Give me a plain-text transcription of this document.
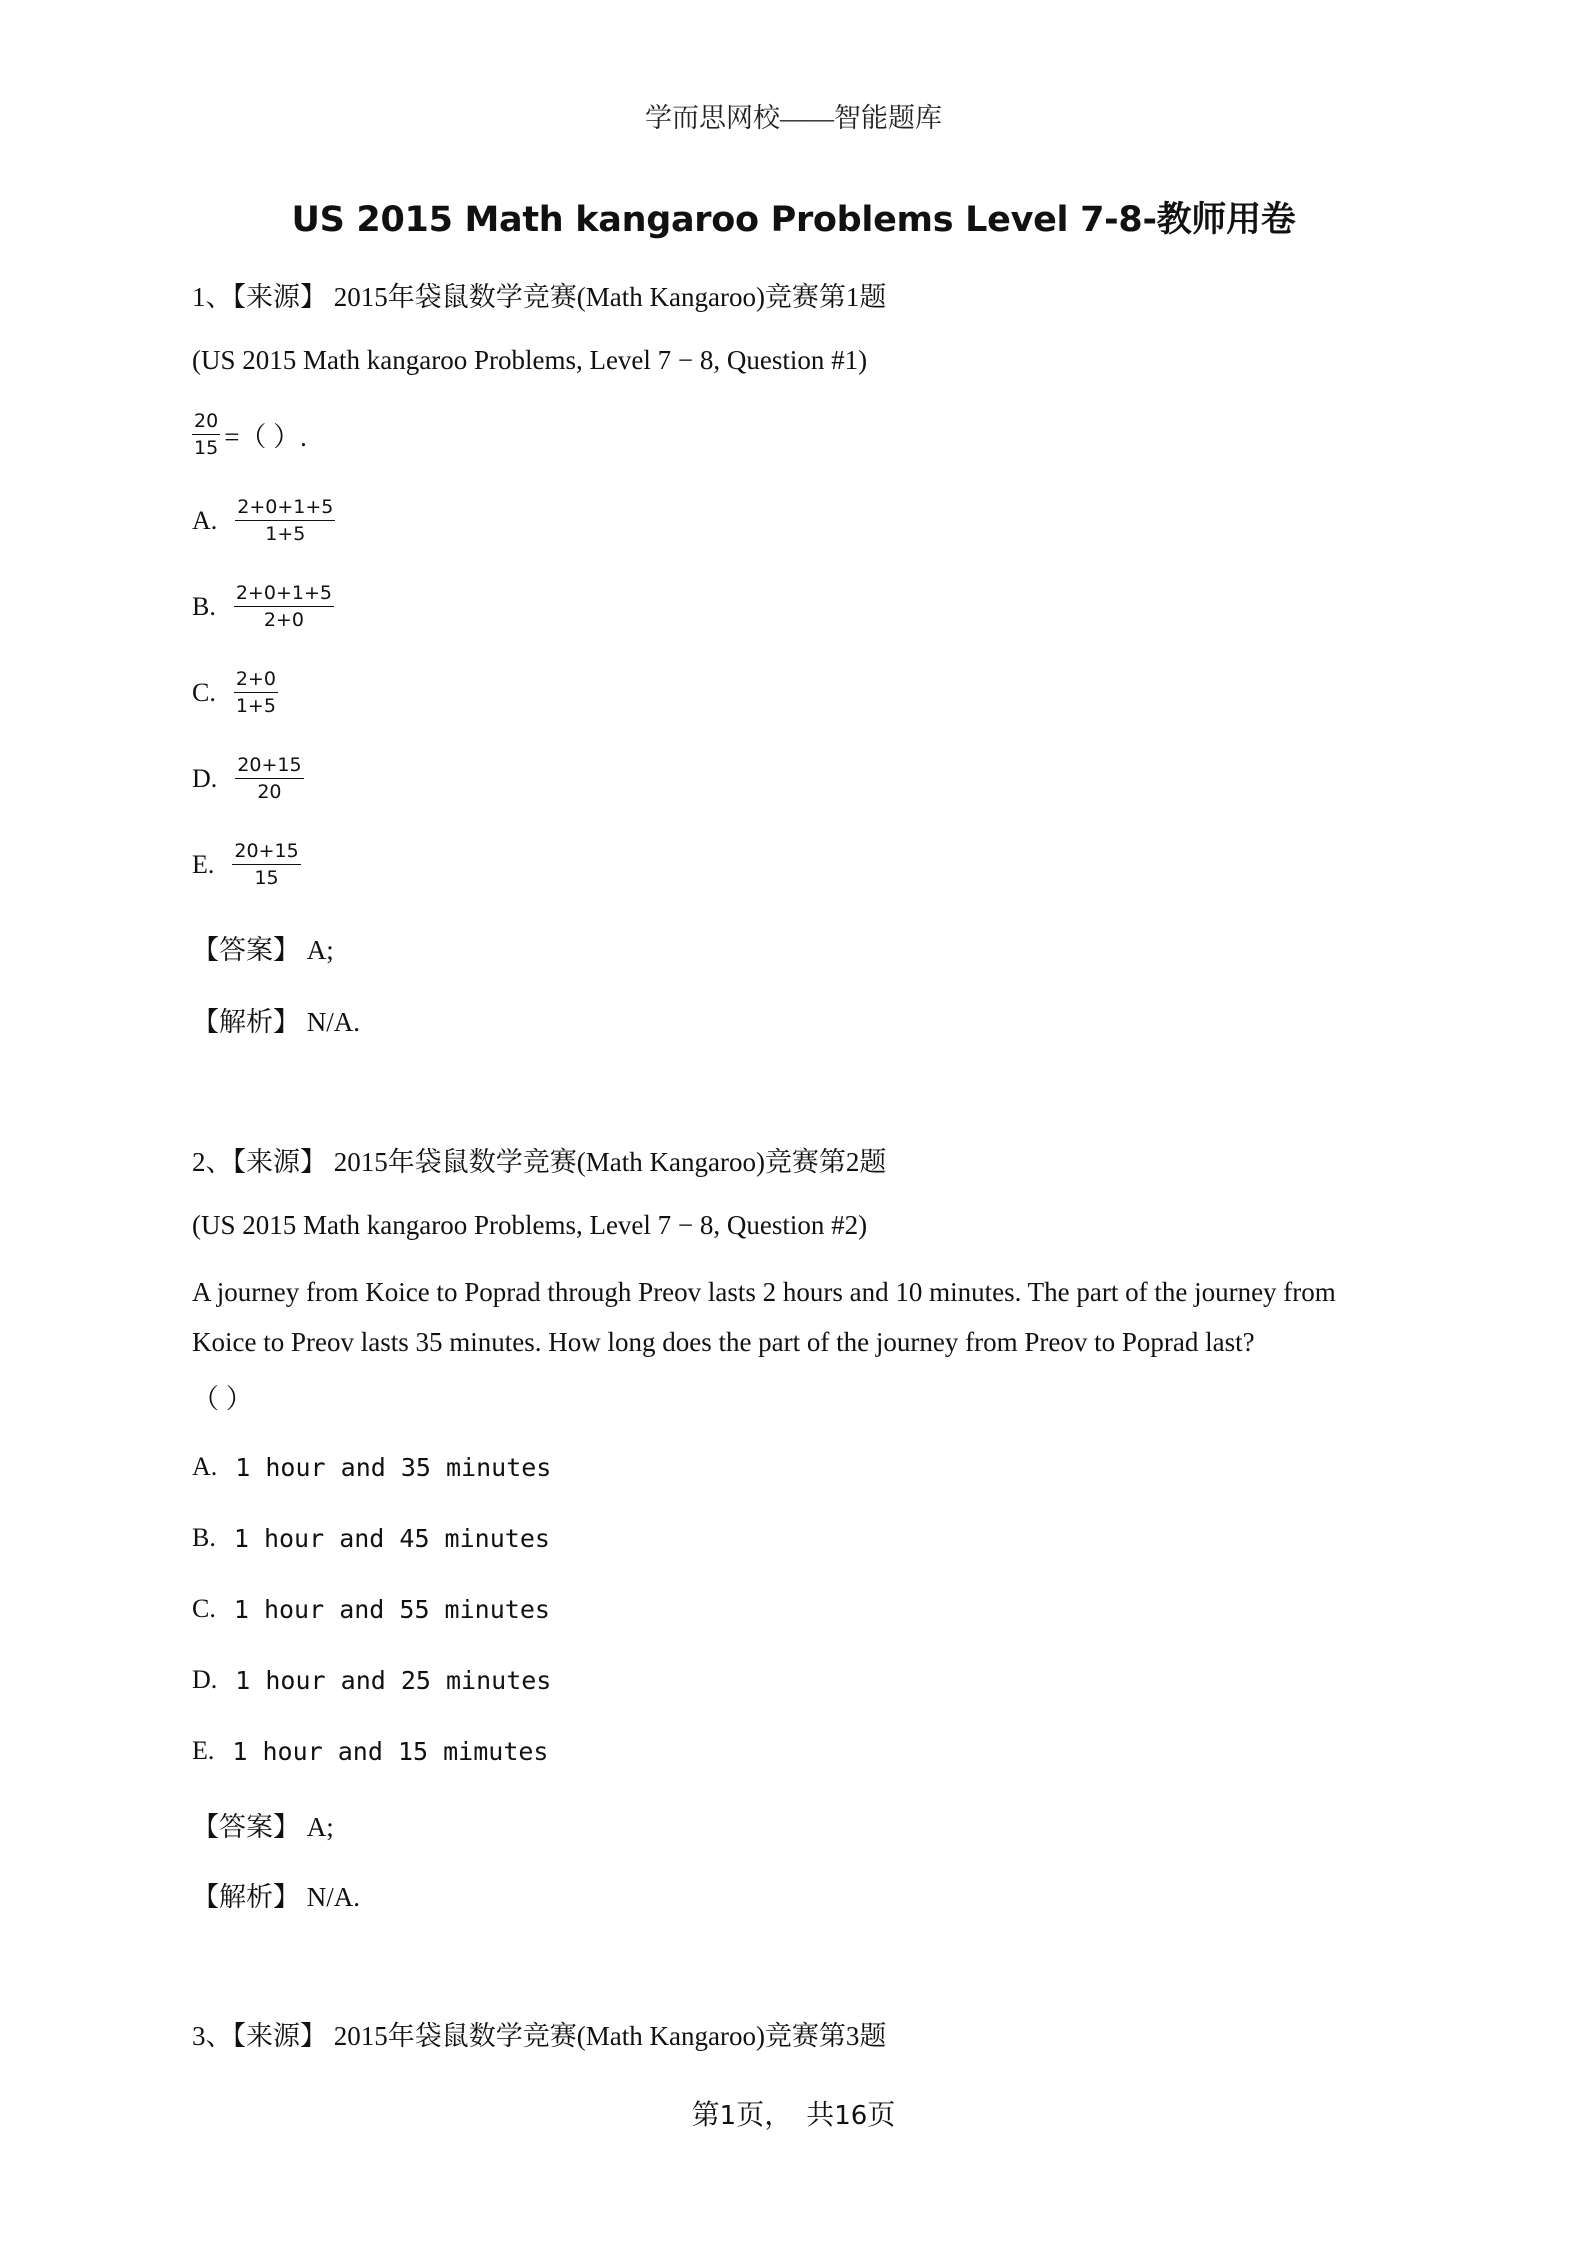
学而思网校——智能题库
US 2015 Math kangaroo Problems Level 7-8-教师用卷
1、【来源】 2015年袋鼠数学竞赛(Math Kangaroo)竞赛第1题
(US 2015 Math kangaroo Problems, Level 7 − 8, Question #1)
$\frac{20}{15}$ =（ ）.
A. $\frac{2+0+1+5}{1+5}$
B. $\frac{2+0+1+5}{2+0}$
C. $\frac{2+0}{1+5}$
D. $\frac{20+15}{20}$
E. $\frac{20+15}{15}$
【答案】 A;
【解析】 N/A.
2、【来源】 2015年袋鼠数学竞赛(Math Kangaroo)竞赛第2题
(US 2015 Math kangaroo Problems, Level 7 − 8, Question #2)
A journey from Koice to Poprad through Preov lasts 2 hours and 10 minutes. The part of the journey from
Koice to Preov lasts 35 minutes. How long does the part of the journey from Preov to Poprad last?
（ ）
A. 1 hour and 35 minutes
B. 1 hour and 45 minutes
C. 1 hour and 55 minutes
D. 1 hour and 25 minutes
E. 1 hour and 15 mimutes
【答案】 A;
【解析】 N/A.
3、【来源】 2015年袋鼠数学竞赛(Math Kangaroo)竞赛第3题
第1页，　共16页
